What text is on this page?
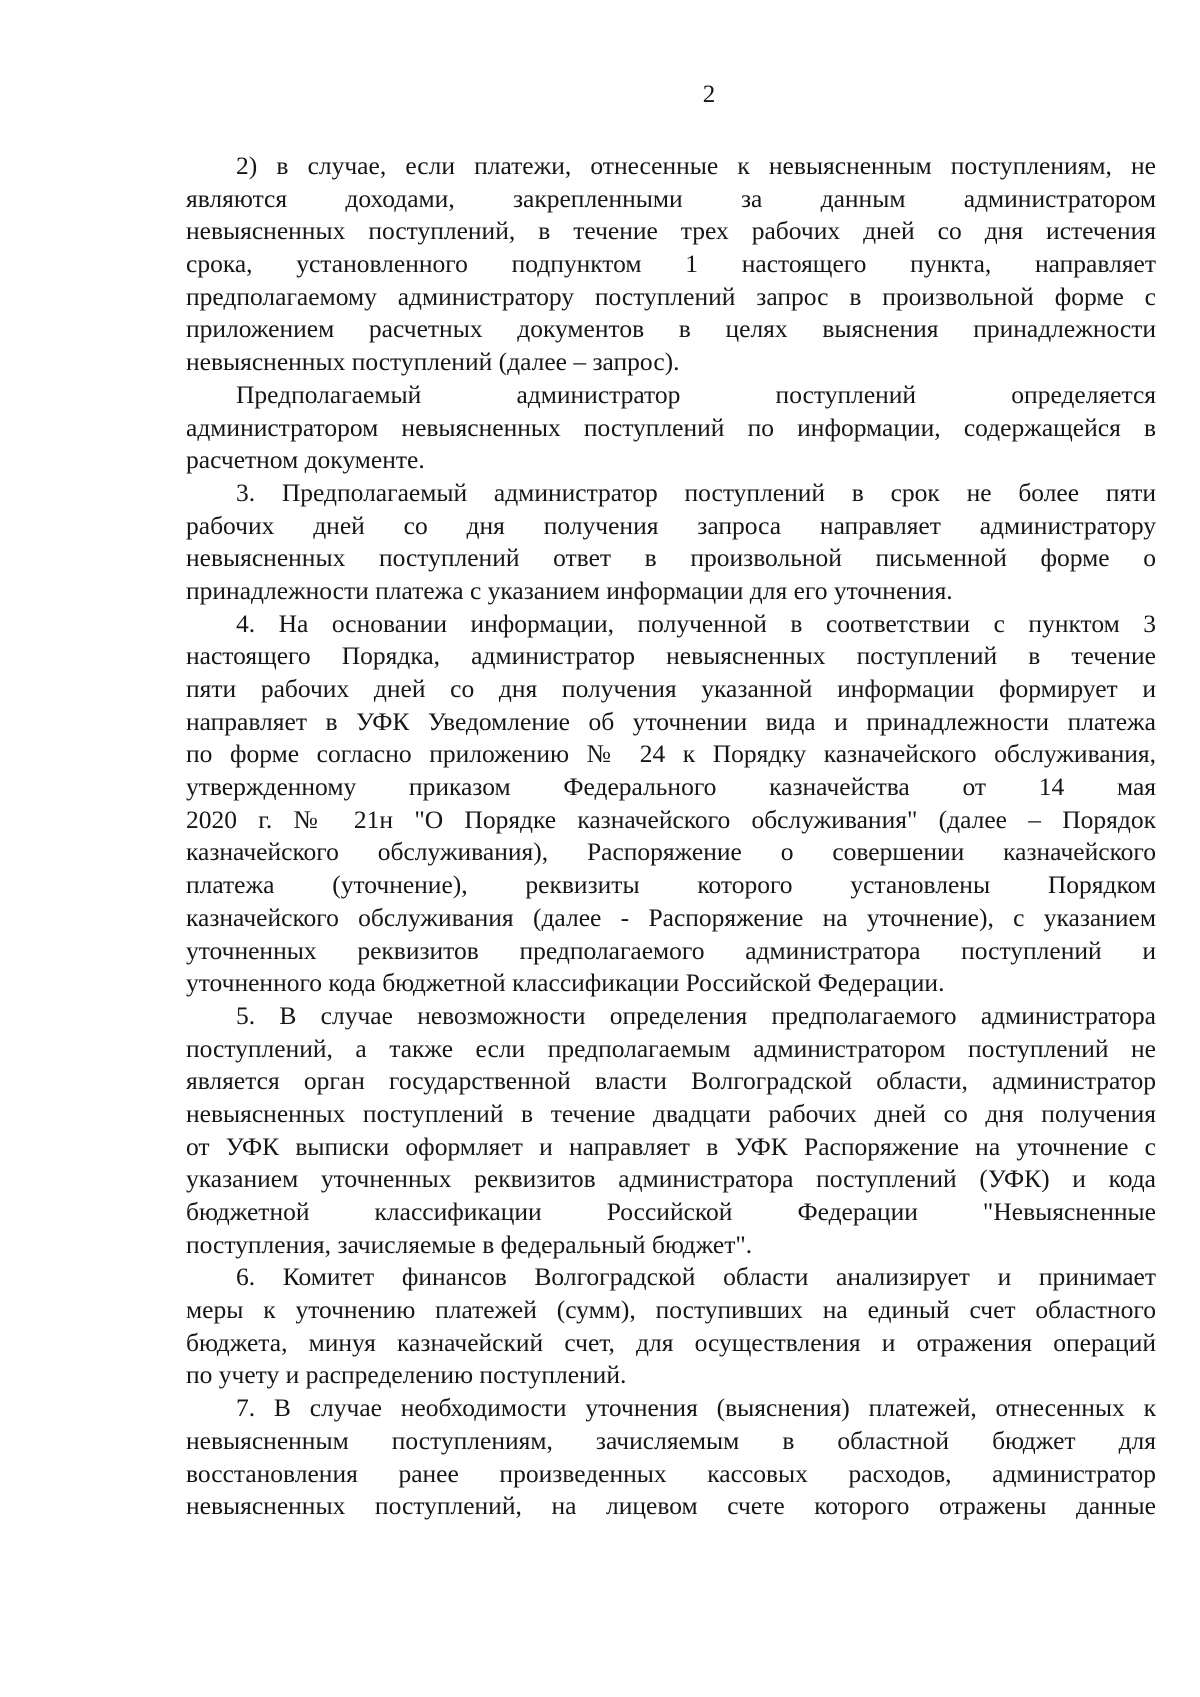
2
2) в случае, если платежи, отнесенные к невыясненным поступлениям, не
являются доходами, закрепленными за данным администратором
невыясненных поступлений, в течение трех рабочих дней со дня истечения
срока, установленного подпунктом 1 настоящего пункта, направляет
предполагаемому администратору поступлений запрос в произвольной форме с
приложением расчетных документов в целях выяснения принадлежности
невыясненных поступлений (далее – запрос).
Предполагаемый администратор поступлений определяется
администратором невыясненных поступлений по информации, содержащейся в
расчетном документе.
3. Предполагаемый администратор поступлений в срок не более пяти
рабочих дней со дня получения запроса направляет администратору
невыясненных поступлений ответ в произвольной письменной форме о
принадлежности платежа с указанием информации для его уточнения.
4. На основании информации, полученной в соответствии с пунктом 3
настоящего Порядка, администратор невыясненных поступлений в течение
пяти рабочих дней со дня получения указанной информации формирует и
направляет в УФК Уведомление об уточнении вида и принадлежности платежа
по форме согласно приложению № 24 к Порядку казначейского обслуживания,
утвержденному приказом Федерального казначейства от 14 мая
2020 г. № 21н "О Порядке казначейского обслуживания" (далее – Порядок
казначейского обслуживания), Распоряжение о совершении казначейского
платежа (уточнение), реквизиты которого установлены Порядком
казначейского обслуживания (далее - Распоряжение на уточнение), с указанием
уточненных реквизитов предполагаемого администратора поступлений и
уточненного кода бюджетной классификации Российской Федерации.
5. В случае невозможности определения предполагаемого администратора
поступлений, а также если предполагаемым администратором поступлений не
является орган государственной власти Волгоградской области, администратор
невыясненных поступлений в течение двадцати рабочих дней со дня получения
от УФК выписки оформляет и направляет в УФК Распоряжение на уточнение с
указанием уточненных реквизитов администратора поступлений (УФК) и кода
бюджетной классификации Российской Федерации "Невыясненные
поступления, зачисляемые в федеральный бюджет".
6. Комитет финансов Волгоградской области анализирует и принимает
меры к уточнению платежей (сумм), поступивших на единый счет областного
бюджета, минуя казначейский счет, для осуществления и отражения операций
по учету и распределению поступлений.
7. В случае необходимости уточнения (выяснения) платежей, отнесенных к
невыясненным поступлениям, зачисляемым в областной бюджет для
восстановления ранее произведенных кассовых расходов, администратор
невыясненных поступлений, на лицевом счете которого отражены данные
